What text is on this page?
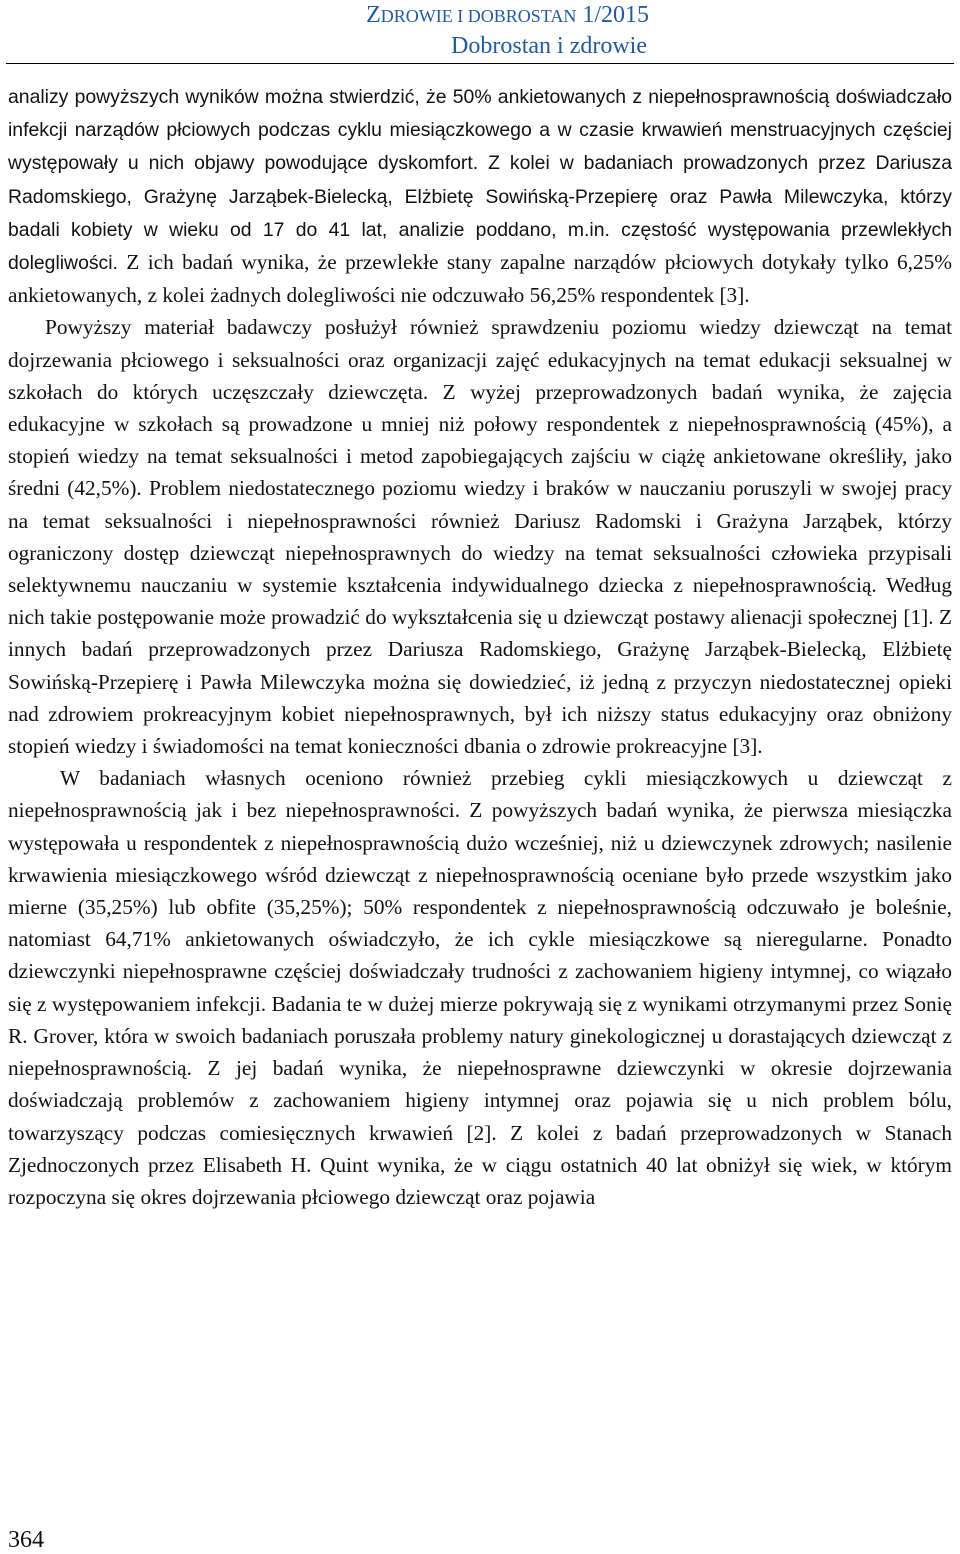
ZDROWIE I DOBROSTAN 1/2015
Dobrostan i zdrowie

analizy powyższych wyników można stwierdzić, że 50% ankietowanych z niepełnosprawnością doświadczało infekcji narządów płciowych podczas cyklu miesiączkowego a w czasie krwawień menstruacyjnych częściej występowały u nich objawy powodujące dyskomfort. Z kolei w badaniach prowadzonych przez Dariusza Radomskiego, Grażynę Jarząbek-Bielecką, Elżbietę Sowińską-Przepierę oraz Pawła Milewczyka, którzy badali kobiety w wieku od 17 do 41 lat, analizie poddano, m.in. częstość występowania przewlekłych dolegliwości. Z ich badań wynika, że przewlekłe stany zapalne narządów płciowych dotykały tylko 6,25% ankietowanych, z kolei żadnych dolegliwości nie odczuwało 56,25% respondentek [3].

Powyższy materiał badawczy posłużył również sprawdzeniu poziomu wiedzy dziewcząt na temat dojrzewania płciowego i seksualności oraz organizacji zajęć edukacyjnych na temat edukacji seksualnej w szkołach do których uczęszczały dziewczęta. Z wyżej przeprowadzonych badań wynika, że zajęcia edukacyjne w szkołach są prowadzone u mniej niż połowy respondentek z niepełnosprawnością (45%), a stopień wiedzy na temat seksualności i metod zapobiegających zajściu w ciążę ankietowane określiły, jako średni (42,5%). Problem niedostatecznego poziomu wiedzy i braków w nauczaniu poruszyli w swojej pracy na temat seksualności i niepełnosprawności również Dariusz Radomski i Grażyna Jarząbek, którzy ograniczony dostęp dziewcząt niepełnosprawnych do wiedzy na temat seksualności człowieka przypisali selektywnemu nauczaniu w systemie kształcenia indywidualnego dziecka z niepełnosprawnością. Według nich takie postępowanie może prowadzić do wykształcenia się u dziewcząt postawy alienacji społecznej [1]. Z innych badań przeprowadzonych przez Dariusza Radomskiego, Grażynę Jarząbek-Bielecką, Elżbietę Sowińską-Przepierę i Pawła Milewczyka można się dowiedzieć, iż jedną z przyczyn niedostatecznej opieki nad zdrowiem prokreacyjnym kobiet niepełnosprawnych, był ich niższy status edukacyjny oraz obniżony stopień wiedzy i świadomości na temat konieczności dbania o zdrowie prokreacyjne [3].

W badaniach własnych oceniono również przebieg cykli miesiączkowych u dziewcząt z niepełnosprawnością jak i bez niepełnosprawności. Z powyższych badań wynika, że pierwsza miesiączka występowała u respondentek z niepełnosprawnością dużo wcześniej, niż u dziewczynek zdrowych; nasilenie krwawienia miesiączkowego wśród dziewcząt z niepełnosprawnością oceniane było przede wszystkim jako mierne (35,25%) lub obfite (35,25%); 50% respondentek z niepełnosprawnością odczuwało je boleśnie, natomiast 64,71% ankietowanych oświadczyło, że ich cykle miesiączkowe są nieregularne. Ponadto dziewczynki niepełnosprawne częściej doświadczały trudności z zachowaniem higieny intymnej, co wiązało się z występowaniem infekcji. Badania te w dużej mierze pokrywają się z wynikami otrzymanymi przez Sonię R. Grover, która w swoich badaniach poruszała problemy natury ginekologicznej u dorastających dziewcząt z niepełnosprawnością. Z jej badań wynika, że niepełnosprawne dziewczynki w okresie dojrzewania doświadczają problemów z zachowaniem higieny intymnej oraz pojawia się u nich problem bólu, towarzyszący podczas comiesięcznych krwawień [2]. Z kolei z badań przeprowadzonych w Stanach Zjednoczonych przez Elisabeth H. Quint wynika, że w ciągu ostatnich 40 lat obniżył się wiek, w którym rozpoczyna się okres dojrzewania płciowego dziewcząt oraz pojawia

364
